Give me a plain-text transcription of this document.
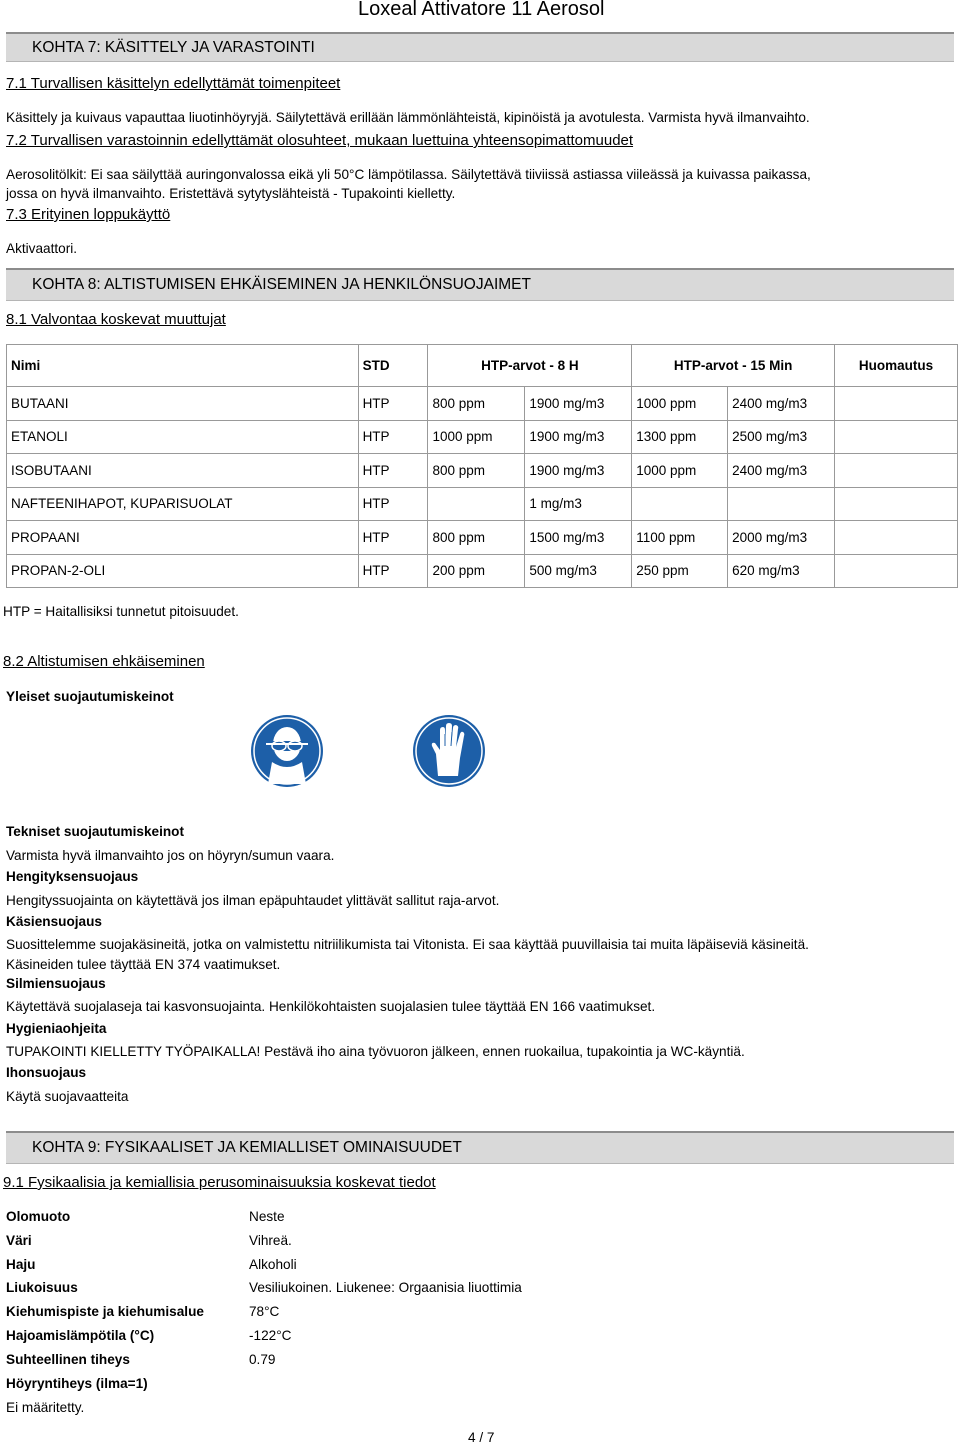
Loxeal Attivatore 11 Aerosol
KOHTA 7: KÄSITTELY JA VARASTOINTI
7.1 Turvallisen käsittelyn edellyttämät toimenpiteet
Käsittely ja kuivaus vapauttaa liuotinhöyryjä. Säilytettävä erillään lämmönlähteistä, kipinöistä ja avotulesta. Varmista hyvä ilmanvaihto.
7.2 Turvallisen varastoinnin edellyttämät olosuhteet, mukaan luettuina yhteensopimattomuudet
Aerosolitölkit: Ei saa säilyttää auringonvalossa eikä yli 50°C lämpötilassa. Säilytettävä tiiviissä astiassa viileässä ja kuivassa paikassa,
jossa on hyvä ilmanvaihto. Eristettävä sytytyslähteistä - Tupakointi kielletty.
7.3 Erityinen loppukäyttö
Aktivaattori.
KOHTA 8: ALTISTUMISEN EHKÄISEMINEN JA HENKILÖNSUOJAIMET
8.1 Valvontaa koskevat muuttujat
Nimi	STD	HTP-arvot - 8 H		HTP-arvot - 15 Min		Huomautus
BUTAANI	HTP	800 ppm	1900 mg/m3	1000 ppm	2400 mg/m3	
ETANOLI	HTP	1000 ppm	1900 mg/m3	1300 ppm	2500 mg/m3	
ISOBUTAANI	HTP	800 ppm	1900 mg/m3	1000 ppm	2400 mg/m3	
NAFTEENIHAPOT, KUPARISUOLAT	HTP		1 mg/m3			
PROPAANI	HTP	800 ppm	1500 mg/m3	1100 ppm	2000 mg/m3	
PROPAN-2-OLI	HTP	200 ppm	500 mg/m3	250 ppm	620 mg/m3	
HTP = Haitallisiksi tunnetut pitoisuudet.
8.2 Altistumisen ehkäiseminen
Yleiset suojautumiskeinot
Tekniset suojautumiskeinot
Varmista hyvä ilmanvaihto jos on höyryn/sumun vaara.
Hengityksensuojaus
Hengityssuojainta on käytettävä jos ilman epäpuhtaudet ylittävät sallitut raja-arvot.
Käsiensuojaus
Suosittelemme suojakäsineitä, jotka on valmistettu nitriilikumista tai Vitonista. Ei saa käyttää puuvillaisia tai muita läpäiseviä käsineitä.
Käsineiden tulee täyttää EN 374 vaatimukset.
Silmiensuojaus
Käytettävä suojalaseja tai kasvonsuojainta. Henkilökohtaisten suojalasien tulee täyttää EN 166 vaatimukset.
Hygieniaohjeita
TUPAKOINTI KIELLETTY TYÖPAIKALLA! Pestävä iho aina työvuoron jälkeen, ennen ruokailua, tupakointia ja WC-käyntiä.
Ihonsuojaus
Käytä suojavaatteita
KOHTA 9: FYSIKAALISET JA KEMIALLISET OMINAISUUDET
9.1 Fysikaalisia ja kemiallisia perusominaisuuksia koskevat tiedot
Olomuoto	Neste
Väri	Vihreä.
Haju	Alkoholi
Liukoisuus	Vesiliukoinen. Liukenee: Orgaanisia liuottimia
Kiehumispiste ja kiehumisalue	78°C
Hajoamislämpötila (°C)	-122°C
Suhteellinen tiheys	0.79
Höyryntiheys (ilma=1)
Ei määritetty.
4 / 7
